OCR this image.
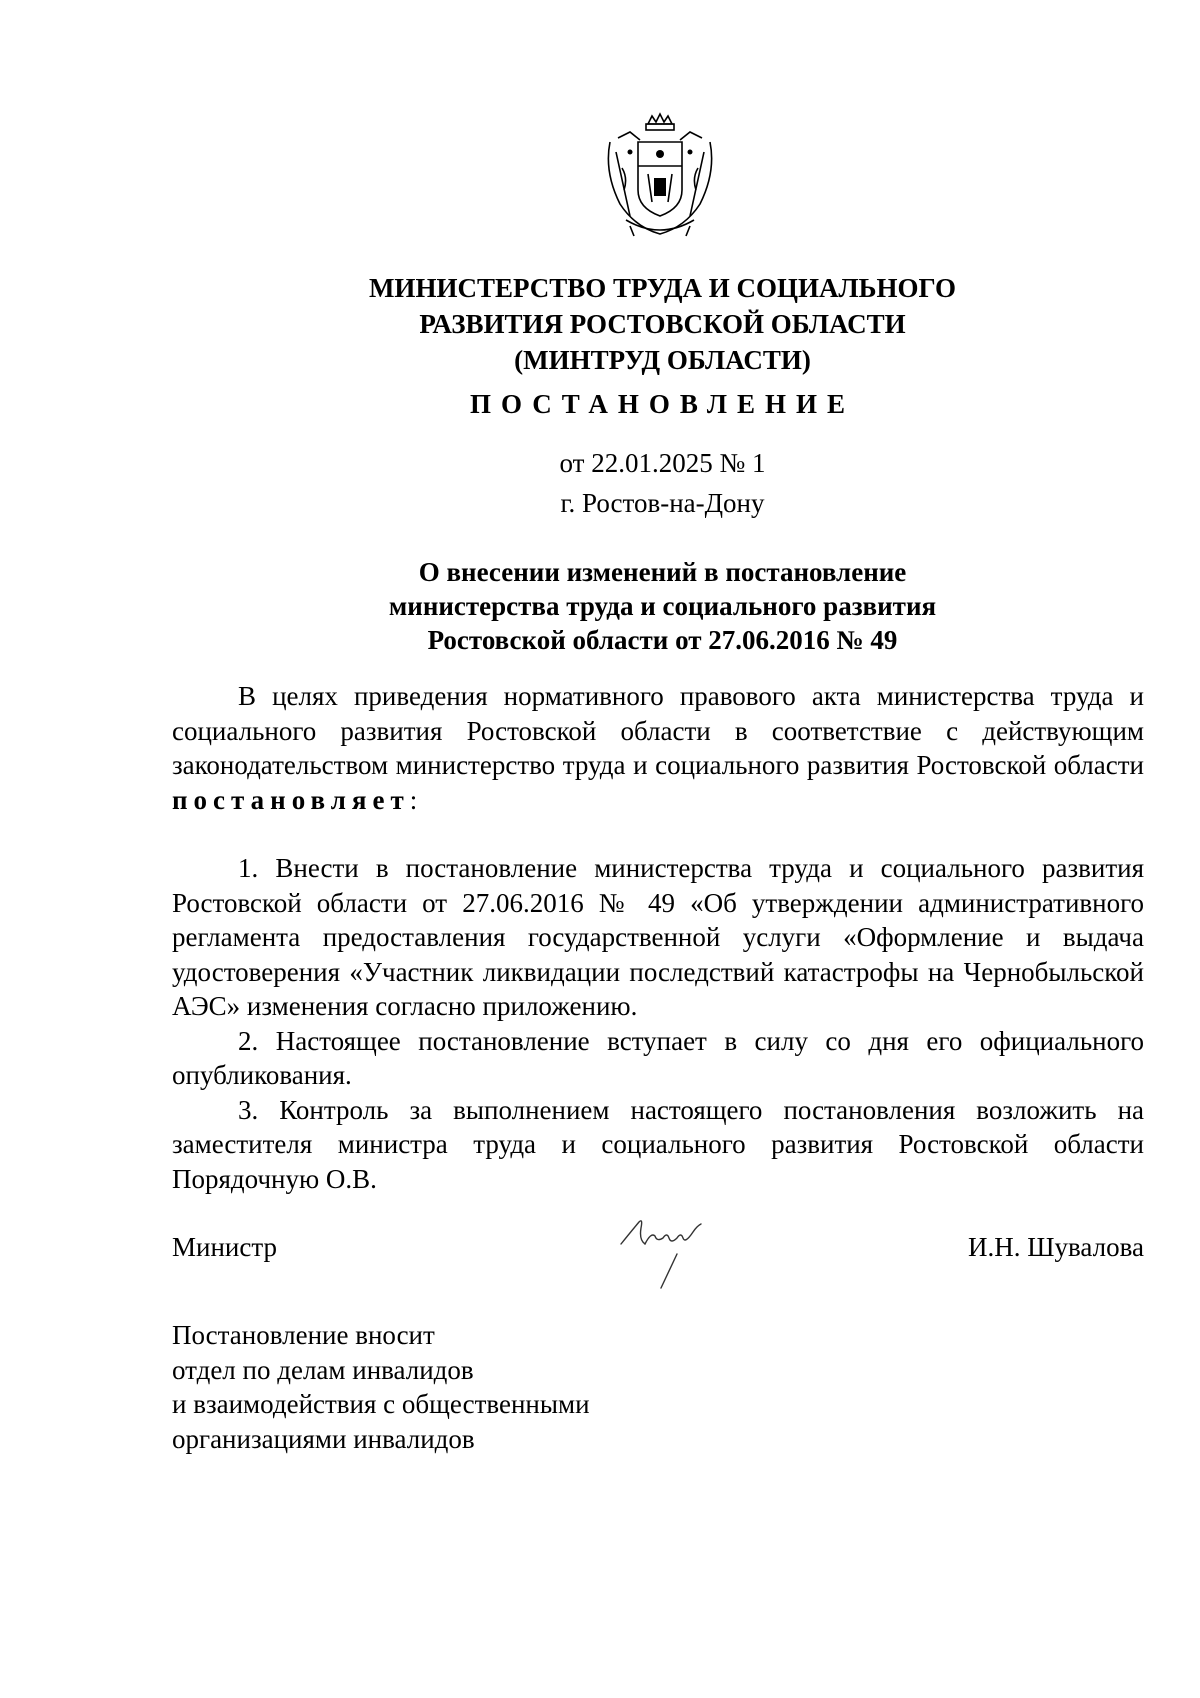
МИНИСТЕРСТВО ТРУДА И СОЦИАЛЬНОГО
РАЗВИТИЯ РОСТОВСКОЙ ОБЛАСТИ
(МИНТРУД ОБЛАСТИ)
ПОСТАНОВЛЕНИЕ
от 22.01.2025 № 1
г. Ростов-на-Дону
О внесении изменений в постановление
министерства труда и социального развития
Ростовской области от 27.06.2016 № 49

В целях приведения нормативного правового акта министерства труда и социального развития Ростовской области в соответствие с действующим законодательством министерство труда и социального развития Ростовской области постановляет:

1. Внести в постановление министерства труда и социального развития Ростовской области от 27.06.2016 № 49 «Об утверждении административного регламента предоставления государственной услуги «Оформление и выдача удостоверения «Участник ликвидации последствий катастрофы на Чернобыльской АЭС» изменения согласно приложению.

2. Настоящее постановление вступает в силу со дня его официального опубликования.

3. Контроль за выполнением настоящего постановления возложить на заместителя министра труда и социального развития Ростовской области Порядочную О.В.

Министр	И.Н. Шувалова
Постановление вносит
отдел по делам инвалидов
и взаимодействия с общественными
организациями инвалидов
